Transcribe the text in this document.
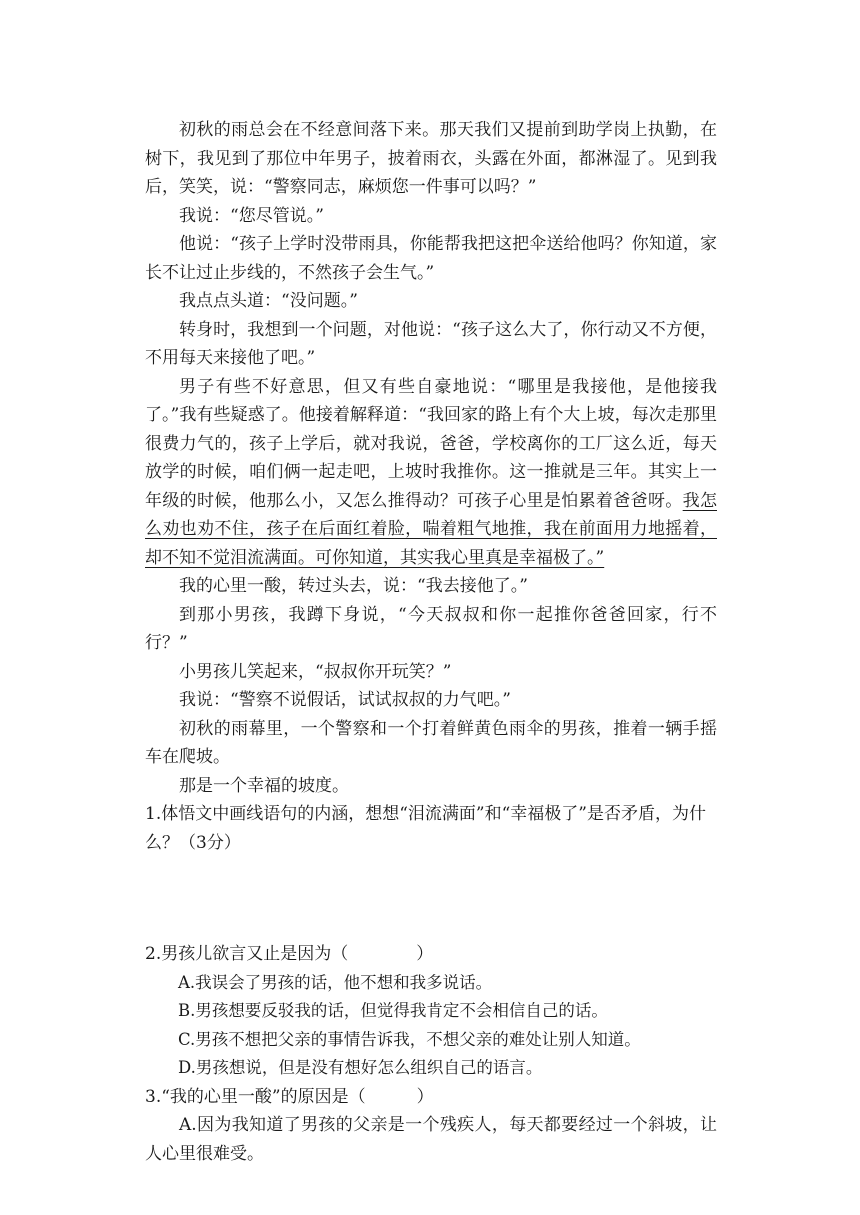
初秋的雨总会在不经意间落下来。那天我们又提前到助学岗上执勤，在树下，我见到了那位中年男子，披着雨衣，头露在外面，都淋湿了。见到我后，笑笑，说：“警察同志，麻烦您一件事可以吗？”

我说：“您尽管说。”

他说：“孩子上学时没带雨具，你能帮我把这把伞送给他吗？你知道，家长不让过止步线的，不然孩子会生气。”

我点点头道：“没问题。”

转身时，我想到一个问题，对他说：“孩子这么大了，你行动又不方便，不用每天来接他了吧。”

男子有些不好意思，但又有些自豪地说：“哪里是我接他，是他接我了。”我有些疑惑了。他接着解释道：“我回家的路上有个大上坡，每次走那里很费力气的，孩子上学后，就对我说，爸爸，学校离你的工厂这么近，每天放学的时候，咱们俩一起走吧，上坡时我推你。这一推就是三年。其实上一年级的时候，他那么小，又怎么推得动？可孩子心里是怕累着爸爸呀。我怎么劝也劝不住，孩子在后面红着脸，喘着粗气地推，我在前面用力地摇着，却不知不觉泪流满面。可你知道，其实我心里真是幸福极了。”

我的心里一酸，转过头去，说：“我去接他了。”

到那小男孩，我蹲下身说，“今天叔叔和你一起推你爸爸回家，行不行？”

小男孩儿笑起来，“叔叔你开玩笑？”

我说：“警察不说假话，试试叔叔的力气吧。”

初秋的雨幕里，一个警察和一个打着鲜黄色雨伞的男孩，推着一辆手摇车在爬坡。

那是一个幸福的坡度。

1.体悟文中画线语句的内涵，想想“泪流满面”和“幸福极了”是否矛盾，为什么？（3分）

2.男孩儿欲言又止是因为（　　　　）

A.我误会了男孩的话，他不想和我多说话。

B.男孩想要反驳我的话，但觉得我肯定不会相信自己的话。

C.男孩不想把父亲的事情告诉我，不想父亲的难处让别人知道。

D.男孩想说，但是没有想好怎么组织自己的语言。

3.“我的心里一酸”的原因是（　　　）

A.因为我知道了男孩的父亲是一个残疾人，每天都要经过一个斜坡，让人心里很难受。
